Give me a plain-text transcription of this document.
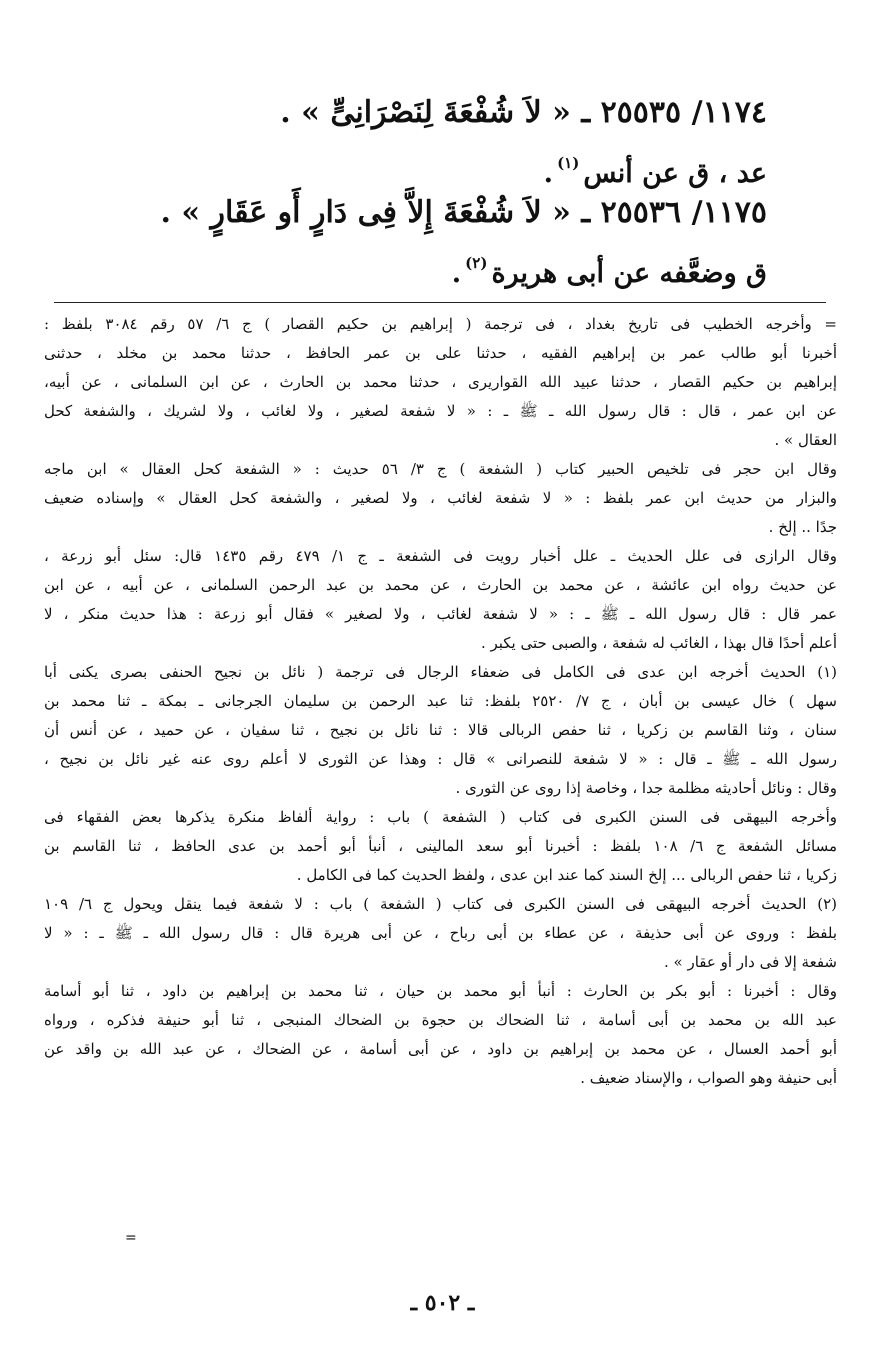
١١٧٤/ ٢٥٥٣٥ ـ « لاَ شُفْعَةَ لِنَصْرَانِىٍّ » .
عد ، ق عن أنس$^{(١)}$.
١١٧٥/ ٢٥٥٣٦ ـ « لاَ شُفْعَةَ إِلاَّ فِى دَارٍ أَو عَقَارٍ » .
ق وضعَّفه عن أبى هريرة$^{(٢)}$.
= وأخرجه الخطيب فى تاريخ بغداد ، فى ترجمة ( إبراهيم بن حكيم القصار ) ج ٦/ ٥٧ رقم ٣٠٨٤ بلفظ :
أخبرنا أبو طالب عمر بن إبراهيم الفقيه ، حدثنا على بن عمر الحافظ ، حدثنا محمد بن مخلد ، حدثنى
إبراهيم بن حكيم القصار ، حدثنا عبيد الله القواريرى ، حدثنا محمد بن الحارث ، عن ابن السلمانى ، عن أبيه،
عن ابن عمر ، قال : قال رسول الله ـ ﷺ ـ : « لا شفعة لصغير ، ولا لغائب ، ولا لشريك ، والشفعة كحل
العقال » .
وقال ابن حجر فى تلخيص الحبير كتاب ( الشفعة ) ج ٣/ ٥٦ حديث : « الشفعة كحل العقال » ابن ماجه
والبزار من حديث ابن عمر بلفظ : « لا شفعة لغائب ، ولا لصغير ، والشفعة كحل العقال » وإسناده ضعيف
جدًا .. إلخ .
وقال الرازى فى علل الحديث ـ علل أخبار رويت فى الشفعة ـ ج ١/ ٤٧٩ رقم ١٤٣٥ قال: سئل أبو زرعة ،
عن حديث رواه ابن عائشة ، عن محمد بن الحارث ، عن محمد بن عبد الرحمن السلمانى ، عن أبيه ، عن ابن
عمر قال : قال رسول الله ـ ﷺ ـ : « لا شفعة لغائب ، ولا لصغير » فقال أبو زرعة : هذا حديث منكر ، لا
أعلم أحدًا قال بهذا ، الغائب له شفعة ، والصبى حتى يكبر .
(١) الحديث أخرجه ابن عدى فى الكامل فى ضعفاء الرجال فى ترجمة ( نائل بن نجيح الحنفى بصرى يكنى أبا
سهل ) خال عيسى بن أبان ، ج ٧/ ٢٥٢٠ بلفظ: ثنا عبد الرحمن بن سليمان الجرجانى ـ بمكة ـ ثنا محمد بن
سنان ، وثنا القاسم بن زكريا ، ثنا حفص الربالى قالا : ثنا نائل بن نجيح ، ثنا سفيان ، عن حميد ، عن أنس أن
رسول الله ـ ﷺ ـ قال : « لا شفعة للنصرانى » قال : وهذا عن الثورى لا أعلم روى عنه غير نائل بن نجيح ،
وقال : ونائل أحاديثه مظلمة جدا ، وخاصة إذا روى عن الثورى .
وأخرجه البيهقى فى السنن الكبرى فى كتاب ( الشفعة ) باب : رواية ألفاظ منكرة يذكرها بعض الفقهاء فى
مسائل الشفعة ج ٦/ ١٠٨ بلفظ : أخبرنا أبو سعد المالينى ، أنبأ أبو أحمد بن عدى الحافظ ، ثنا القاسم بن
زكريا ، ثنا حفص الربالى ... إلخ السند كما عند ابن عدى ، ولفظ الحديث كما فى الكامل .
(٢) الحديث أخرجه البيهقى فى السنن الكبرى فى كتاب ( الشفعة ) باب : لا شفعة فيما ينقل ويحول ج ٦/ ١٠٩
بلفظ : وروى عن أبى حذيفة ، عن عطاء بن أبى رباح ، عن أبى هريرة قال : قال رسول الله ـ ﷺ ـ : « لا
شفعة إلا فى دار أو عقار » .
وقال : أخبرنا : أبو بكر بن الحارث : أنبأ أبو محمد بن حيان ، ثنا محمد بن إبراهيم بن داود ، ثنا أبو أسامة
عبد الله بن محمد بن أبى أسامة ، ثنا الضحاك بن حجوة بن الضحاك المنبجى ، ثنا أبو حنيفة فذكره ، ورواه
أبو أحمد العسال ، عن محمد بن إبراهيم بن داود ، عن أبى أسامة ، عن الضحاك ، عن عبد الله بن واقد عن
أبى حنيفة وهو الصواب ، والإسناد ضعيف .
=
ـ ٥٠٢ ـ
